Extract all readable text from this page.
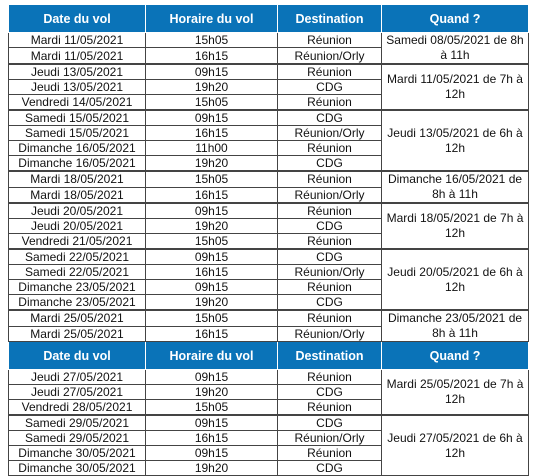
Date du vol	Horaire du vol	Destination	Quand ?
Mardi 11/05/2021	15h05	Réunion	Samedi 08/05/2021 de 8h à 11h
Mardi 11/05/2021	16h15	Réunion/Orly	
Jeudi 13/05/2021	09h15	Réunion	Mardi 11/05/2021 de 7h à 12h
Jeudi 13/05/2021	19h20	CDG	
Vendredi 14/05/2021	15h05	Réunion	
Samedi 15/05/2021	09h15	CDG	Jeudi 13/05/2021 de 6h à 12h
Samedi 15/05/2021	16h15	Réunion/Orly	
Dimanche 16/05/2021	11h00	Réunion	
Dimanche 16/05/2021	19h20	CDG	
Mardi 18/05/2021	15h05	Réunion	Dimanche 16/05/2021 de 8h à 11h
Mardi 18/05/2021	16h15	Réunion/Orly	
Jeudi 20/05/2021	09h15	Réunion	Mardi 18/05/2021 de 7h à 12h
Jeudi 20/05/2021	19h20	CDG	
Vendredi 21/05/2021	15h05	Réunion	
Samedi 22/05/2021	09h15	CDG	Jeudi 20/05/2021 de 6h à 12h
Samedi 22/05/2021	16h15	Réunion/Orly	
Dimanche 23/05/2021	09h15	Réunion	
Dimanche 23/05/2021	19h20	CDG	
Mardi 25/05/2021	15h05	Réunion	Dimanche 23/05/2021 de 8h à 11h
Mardi 25/05/2021	16h15	Réunion/Orly	
Date du vol	Horaire du vol	Destination	Quand ?
Jeudi 27/05/2021	09h15	Réunion	Mardi 25/05/2021 de 7h à 12h
Jeudi 27/05/2021	19h20	CDG	
Vendredi 28/05/2021	15h05	Réunion	
Samedi 29/05/2021	09h15	CDG	Jeudi 27/05/2021 de 6h à 12h
Samedi 29/05/2021	16h15	Réunion/Orly	
Dimanche 30/05/2021	09h15	Réunion	
Dimanche 30/05/2021	19h20	CDG	
